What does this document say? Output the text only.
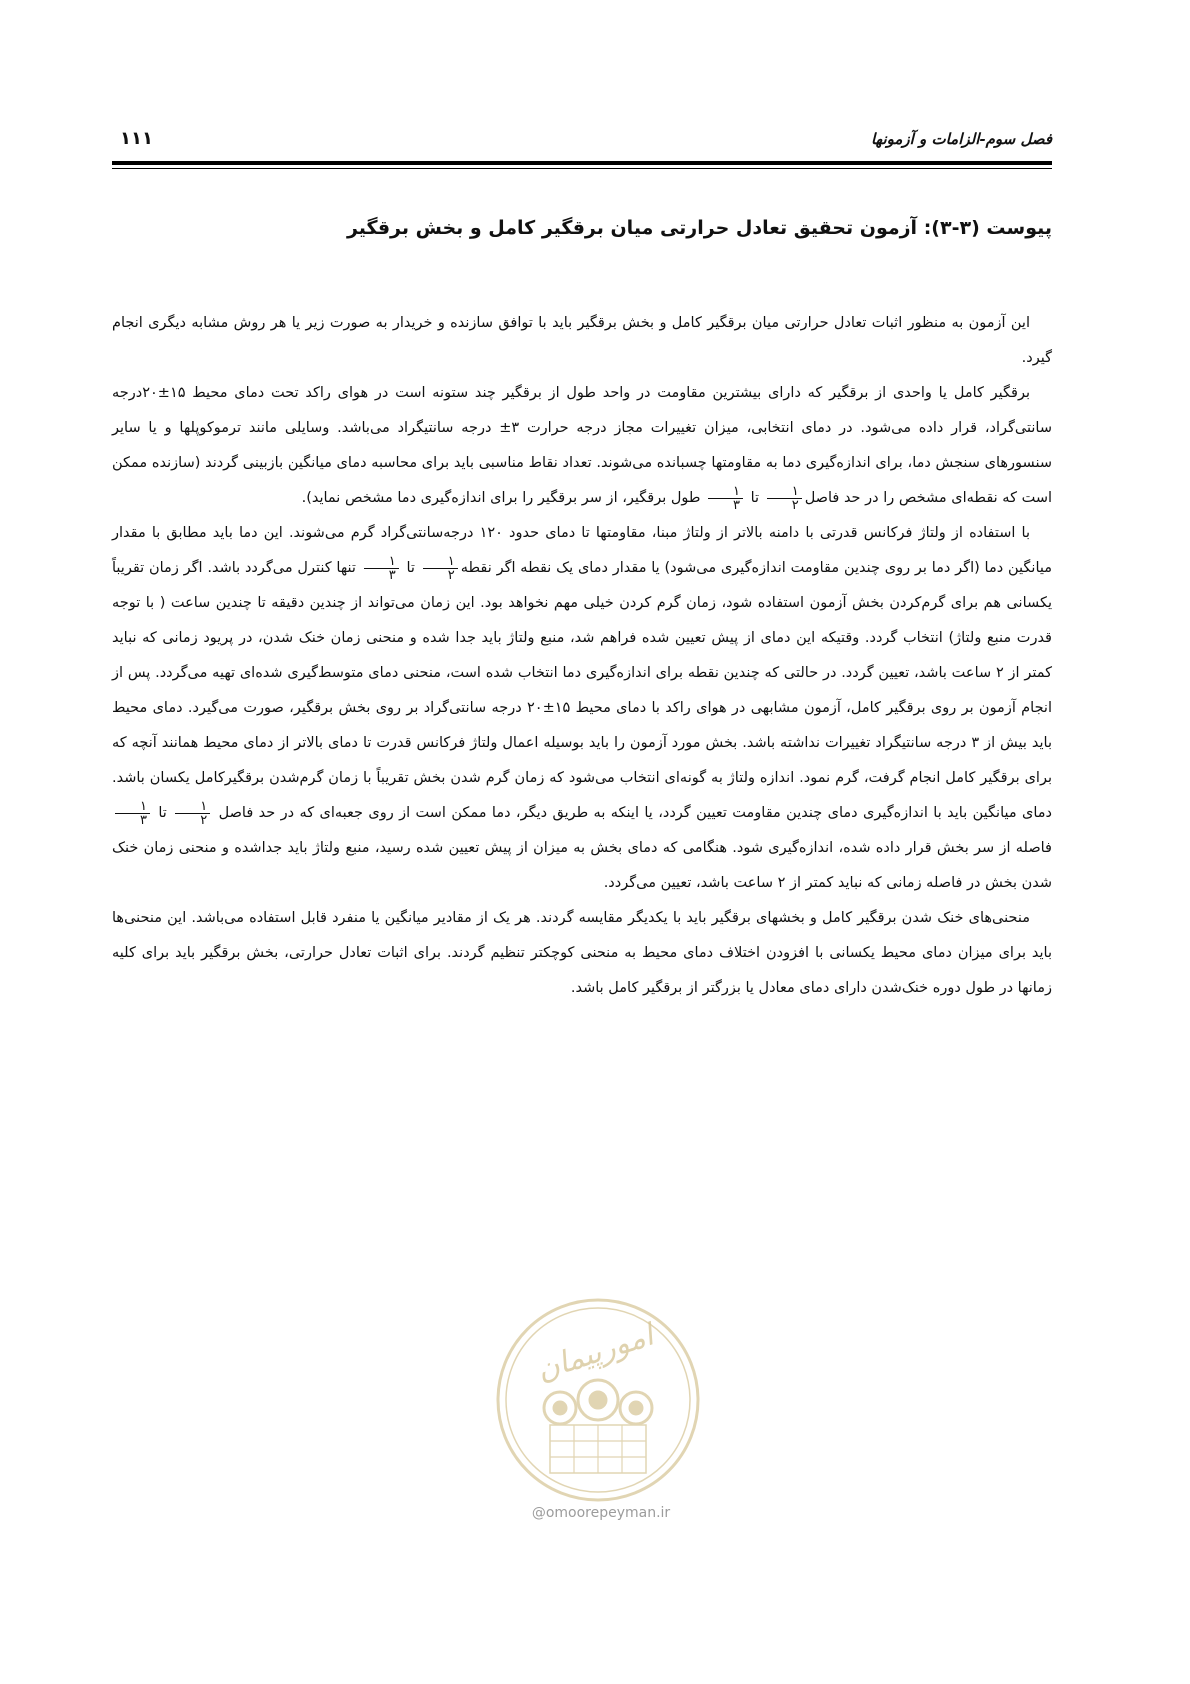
فصل سوم-الزامات و آزمونها
۱۱۱
پیوست (۳-۳): آزمون تحقیق تعادل حرارتی میان برقگیر کامل و بخش برقگیر

این آزمون به منظور اثبات تعادل حرارتی میان برقگیر کامل و بخش برقگیر باید با توافق سازنده و خریدار به صورت زیر یا هر روش مشابه دیگری انجام گیرد.

برقگیر کامل یا واحدی از برقگیر که دارای بیشترین مقاومت در واحد طول از برقگیر چند ستونه است در هوای راکد تحت دمای محیط ۱۵±۲۰درجه سانتی‌گراد، قرار داده می‌شود. در دمای انتخابی، میزان تغییرات مجاز درجه حرارت ۳± درجه سانتیگراد می‌باشد. وسایلی مانند ترموکوپلها و یا سایر سنسورهای سنجش دما، برای اندازه‌گیری دما به مقاومتها چسبانده می‌شوند. تعداد نقاط مناسبی باید برای محاسبه دمای میانگین بازبینی گردند (سازنده ممکن است که نقطه‌ای مشخص را در حد فاصل
$\frac{۱}{۲}$
تا
$\frac{۱}{۳}$
طول برقگیر، از سر برقگیر را برای اندازه‌گیری دما مشخص نماید).

با استفاده از ولتاژ فرکانس قدرتی با دامنه بالاتر از ولتاژ مبنا، مقاومتها تا دمای حدود ۱۲۰ درجه‌سانتی‌گراد گرم می‌شوند. این دما باید مطابق با مقدار میانگین دما (اگر دما بر روی چندین مقاومت اندازه‌گیری می‌شود) یا مقدار دمای یک نقطه اگر نقطه
$\frac{۱}{۲}$
تا
$\frac{۱}{۳}$
تنها کنترل می‌گردد باشد. اگر زمان تقریباً یکسانی هم برای گرم‌کردن بخش آزمون استفاده شود، زمان گرم کردن خیلی مهم نخواهد بود. این زمان می‌تواند از چندین دقیقه تا چندین ساعت ( با توجه قدرت منبع ولتاژ) انتخاب گردد. وقتیکه این دمای از پیش تعیین شده فراهم شد، منبع ولتاژ باید جدا شده و منحنی زمان خنک شدن، در پریود زمانی که نباید کمتر از ۲ ساعت باشد، تعیین گردد. در حالتی که چندین نقطه برای اندازه‌گیری دما انتخاب شده است، منحنی دمای متوسط‌گیری شده‌ای تهیه می‌گردد. پس از انجام آزمون بر روی برقگیر کامل، آزمون مشابهی در هوای راکد با دمای محیط ۱۵±۲۰ درجه سانتی‌گراد بر روی بخش برقگیر، صورت می‌گیرد. دمای محیط باید بیش از ۳ درجه سانتیگراد تغییرات نداشته باشد. بخش مورد آزمون را باید بوسیله اعمال ولتاژ فرکانس قدرت تا دمای بالاتر از دمای محیط همانند آنچه که برای برقگیر کامل انجام گرفت، گرم نمود. اندازه ولتاژ به گونه‌ای انتخاب می‌شود که زمان گرم شدن بخش تقریباً با زمان گرم‌شدن برقگیرکامل یکسان باشد. دمای میانگین باید با اندازه‌گیری دمای چندین مقاومت تعیین گردد، یا اینکه به طریق دیگر، دما ممکن است از روی جعبه‌ای که در حد فاصل
$\frac{۱}{۲}$
تا
$\frac{۱}{۳}$
فاصله از سر بخش قرار داده شده، اندازه‌گیری شود. هنگامی که دمای بخش به میزان از پیش تعیین شده رسید، منبع ولتاژ باید جداشده و منحنی زمان خنک شدن بخش در فاصله زمانی که نباید کمتر از ۲ ساعت باشد، تعیین می‌گردد.

منحنی‌های خنک شدن برقگیر کامل و بخشهای برقگیر باید با یکدیگر مقایسه گردند. هر یک از مقادیر میانگین یا منفرد قابل استفاده می‌باشد. این منحنی‌ها باید برای میزان دمای محیط یکسانی با افزودن اختلاف دمای محیط به منحنی کوچکتر تنظیم گردند. برای اثبات تعادل حرارتی، بخش برقگیر باید برای کلیه زمانها در طول دوره خنک‌شدن دارای دمای معادل یا بزرگتر از برقگیر کامل باشد.

امورپیمان
@omoorepeyman.ir
